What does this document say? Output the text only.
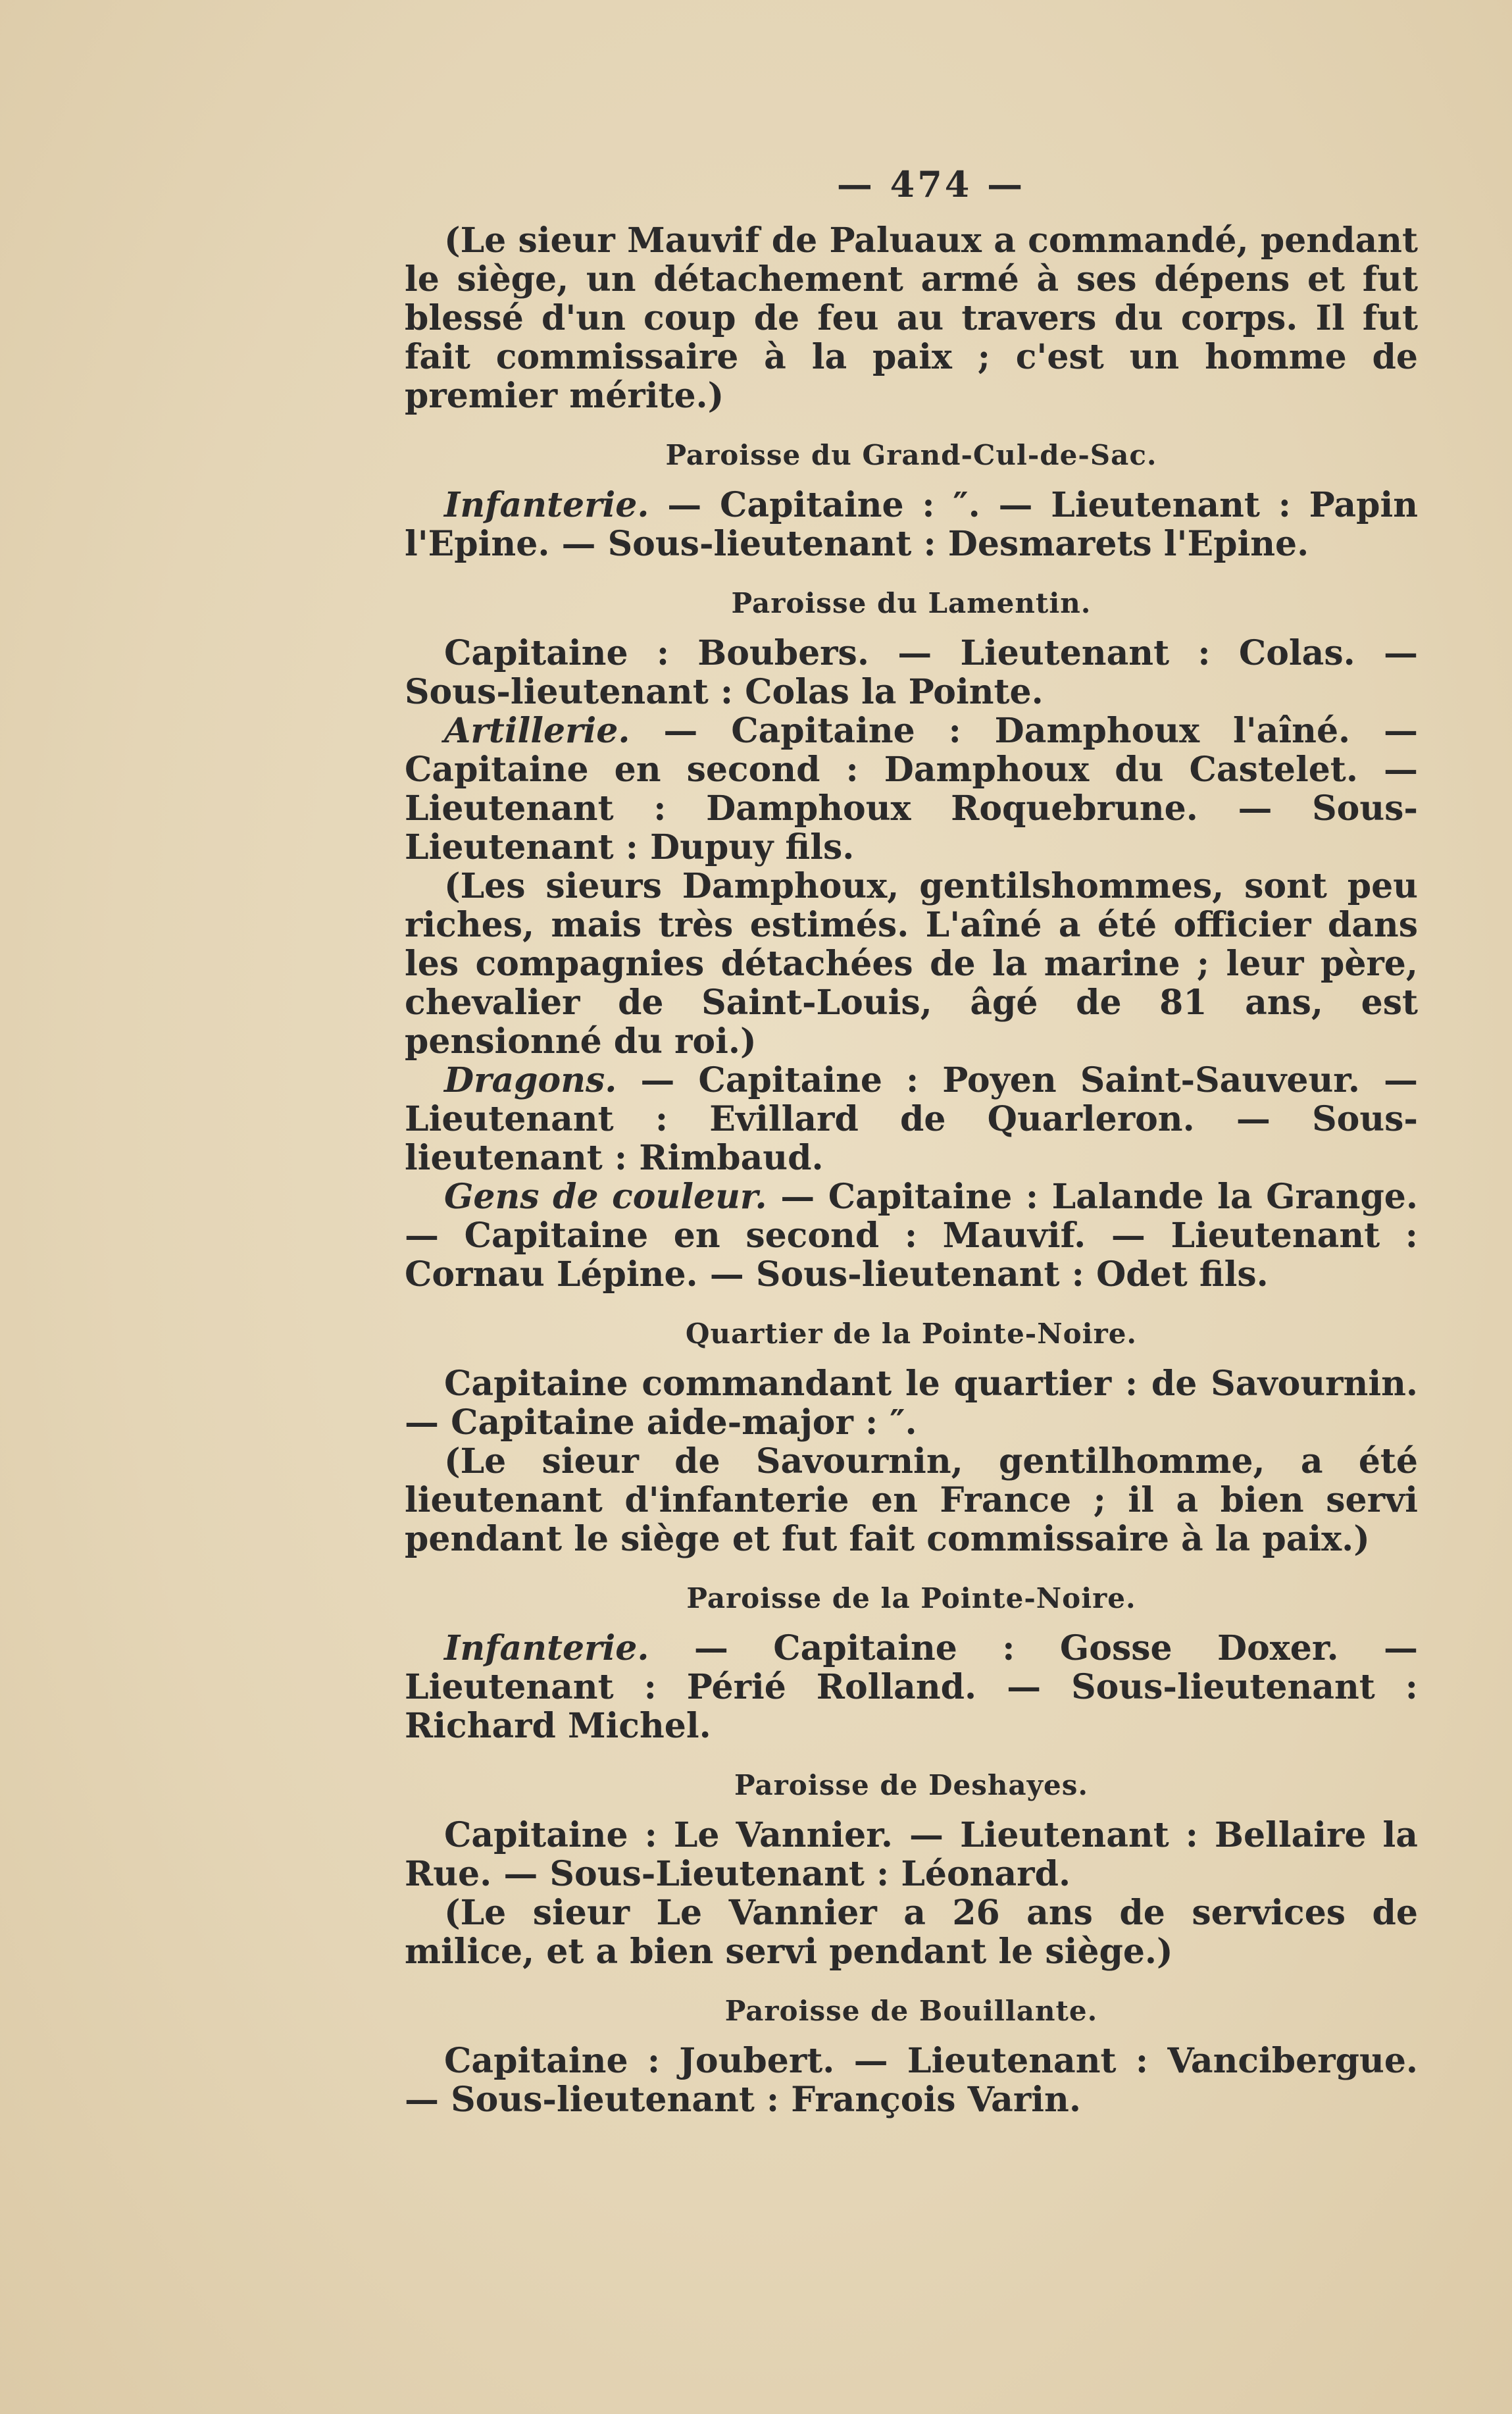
— 474 —

(Le sieur Mauvif de Paluaux a commandé, pendant le siège, un détachement armé à ses dépens et fut blessé d'un coup de feu au travers du corps. Il fut fait commissaire à la paix ; c'est un homme de premier mérite.)

Paroisse du Grand-Cul-de-Sac.

Infanterie. — Capitaine : ″. — Lieutenant : Papin l'Epine. — Sous-lieutenant : Desmarets l'Epine.

Paroisse du Lamentin.

Capitaine : Boubers. — Lieutenant : Colas. — Sous-lieutenant : Colas la Pointe.

Artillerie. — Capitaine : Damphoux l'aîné. — Capitaine en second : Damphoux du Castelet. — Lieutenant : Damphoux Roquebrune. — Sous-Lieutenant : Dupuy fils.

(Les sieurs Damphoux, gentilshommes, sont peu riches, mais très estimés. L'aîné a été officier dans les compagnies détachées de la marine ; leur père, chevalier de Saint-Louis, âgé de 81 ans, est pensionné du roi.)

Dragons. — Capitaine : Poyen Saint-Sauveur. — Lieutenant : Evillard de Quarleron. — Sous-lieutenant : Rimbaud.

Gens de couleur. — Capitaine : Lalande la Grange. — Capitaine en second : Mauvif. — Lieutenant : Cornau Lépine. — Sous-lieutenant : Odet fils.

Quartier de la Pointe-Noire.

Capitaine commandant le quartier : de Savournin. — Capitaine aide-major : ″.

(Le sieur de Savournin, gentilhomme, a été lieutenant d'infanterie en France ; il a bien servi pendant le siège et fut fait commissaire à la paix.)

Paroisse de la Pointe-Noire.

Infanterie. — Capitaine : Gosse Doxer. — Lieutenant : Périé Rolland. — Sous-lieutenant : Richard Michel.

Paroisse de Deshayes.

Capitaine : Le Vannier. — Lieutenant : Bellaire la Rue. — Sous-Lieutenant : Léonard.

(Le sieur Le Vannier a 26 ans de services de milice, et a bien servi pendant le siège.)

Paroisse de Bouillante.

Capitaine : Joubert. — Lieutenant : Vancibergue. — Sous-lieutenant : François Varin.
